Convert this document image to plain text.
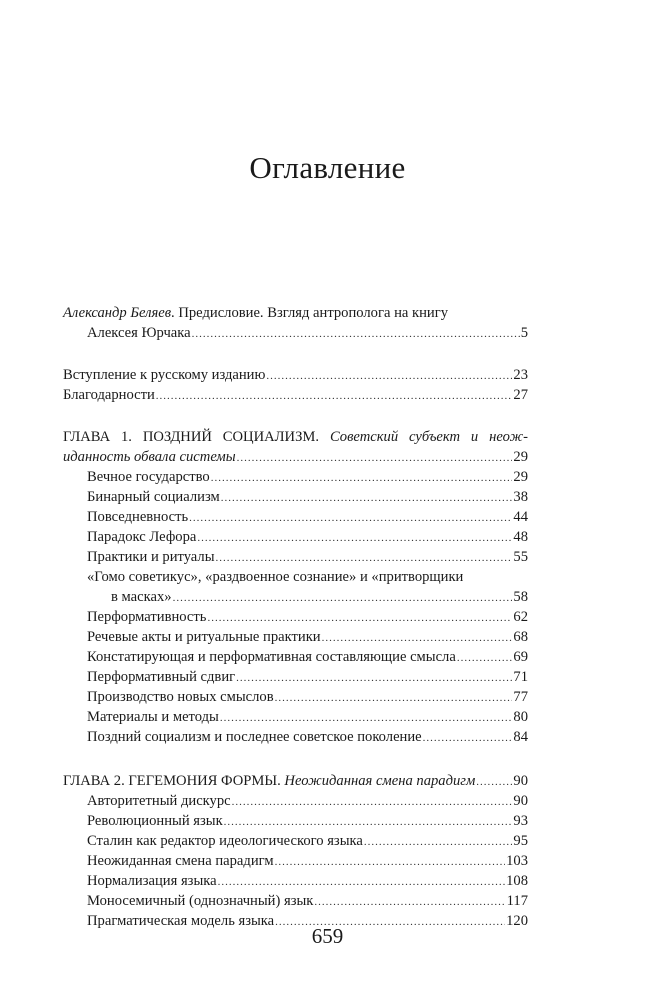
Оглавление
Александр Беляев. Предисловие. Взгляд антрополога на книгу
Алексея Юрчака .....	5
Вступление к русскому изданию .....	23
Благодарности .....	27
ГЛАВА 1. ПОЗДНИЙ СОЦИАЛИЗМ. Советский субъект и неож-
иданность обвала системы .....	29
Вечное государство .....	29
Бинарный социализм .....	38
Повседневность .....	44
Парадокс Лефора .....	48
Практики и ритуалы .....	55
«Гомо советикус», «раздвоенное сознание» и «притворщики
в масках» .....	58
Перформативность .....	62
Речевые акты и ритуальные практики .....	68
Констатирующая и перформативная составляющие смысла .....	69
Перформативный сдвиг .....	71
Производство новых смыслов .....	77
Материалы и методы .....	80
Поздний социализм и последнее советское поколение .....	84
ГЛАВА 2. ГЕГЕМОНИЯ ФОРМЫ. Неожиданная смена парадигм .....	90
Авторитетный дискурс .....	90
Революционный язык .....	93
Сталин как редактор идеологического языка .....	95
Неожиданная смена парадигм .....	103
Нормализация языка .....	108
Моносемичный (однозначный) язык .....	117
Прагматическая модель языка .....	120
659
